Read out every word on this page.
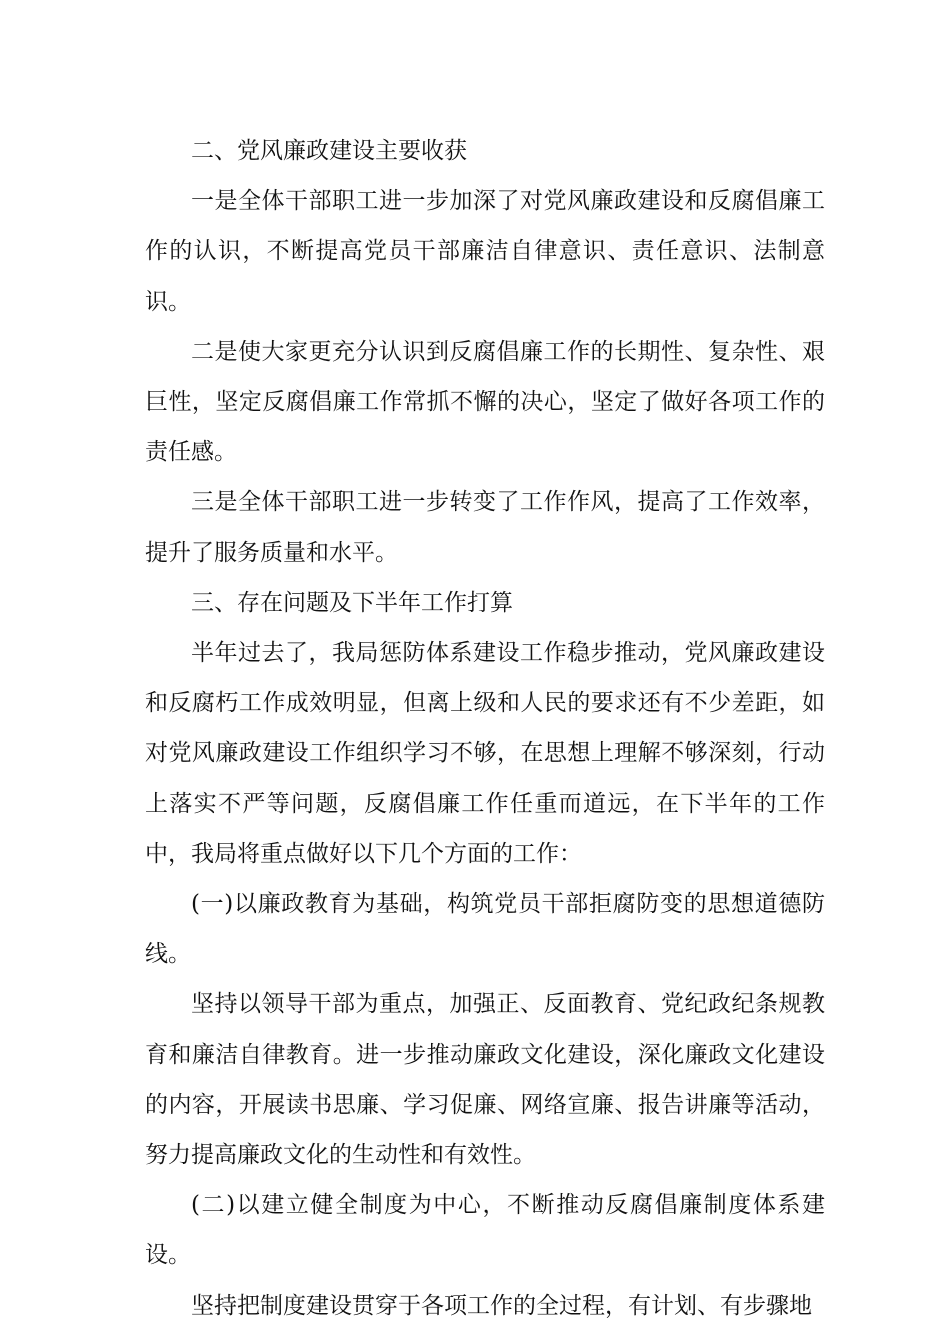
二、党风廉政建设主要收获

一是全体干部职工进一步加深了对党风廉政建设和反腐倡廉工作的认识，不断提高党员干部廉洁自律意识、责任意识、法制意识。

二是使大家更充分认识到反腐倡廉工作的长期性、复杂性、艰巨性，坚定反腐倡廉工作常抓不懈的决心，坚定了做好各项工作的责任感。

三是全体干部职工进一步转变了工作作风，提高了工作效率，提升了服务质量和水平。

三、存在问题及下半年工作打算

半年过去了，我局惩防体系建设工作稳步推动，党风廉政建设和反腐朽工作成效明显，但离上级和人民的要求还有不少差距，如对党风廉政建设工作组织学习不够，在思想上理解不够深刻，行动上落实不严等问题，反腐倡廉工作任重而道远，在下半年的工作中，我局将重点做好以下几个方面的工作：

(一)以廉政教育为基础，构筑党员干部拒腐防变的思想道德防线。

坚持以领导干部为重点，加强正、反面教育、党纪政纪条规教育和廉洁自律教育。进一步推动廉政文化建设，深化廉政文化建设的内容，开展读书思廉、学习促廉、网络宣廉、报告讲廉等活动，努力提高廉政文化的生动性和有效性。

(二)以建立健全制度为中心，不断推动反腐倡廉制度体系建设。

坚持把制度建设贯穿于各项工作的全过程，有计划、有步骤地
